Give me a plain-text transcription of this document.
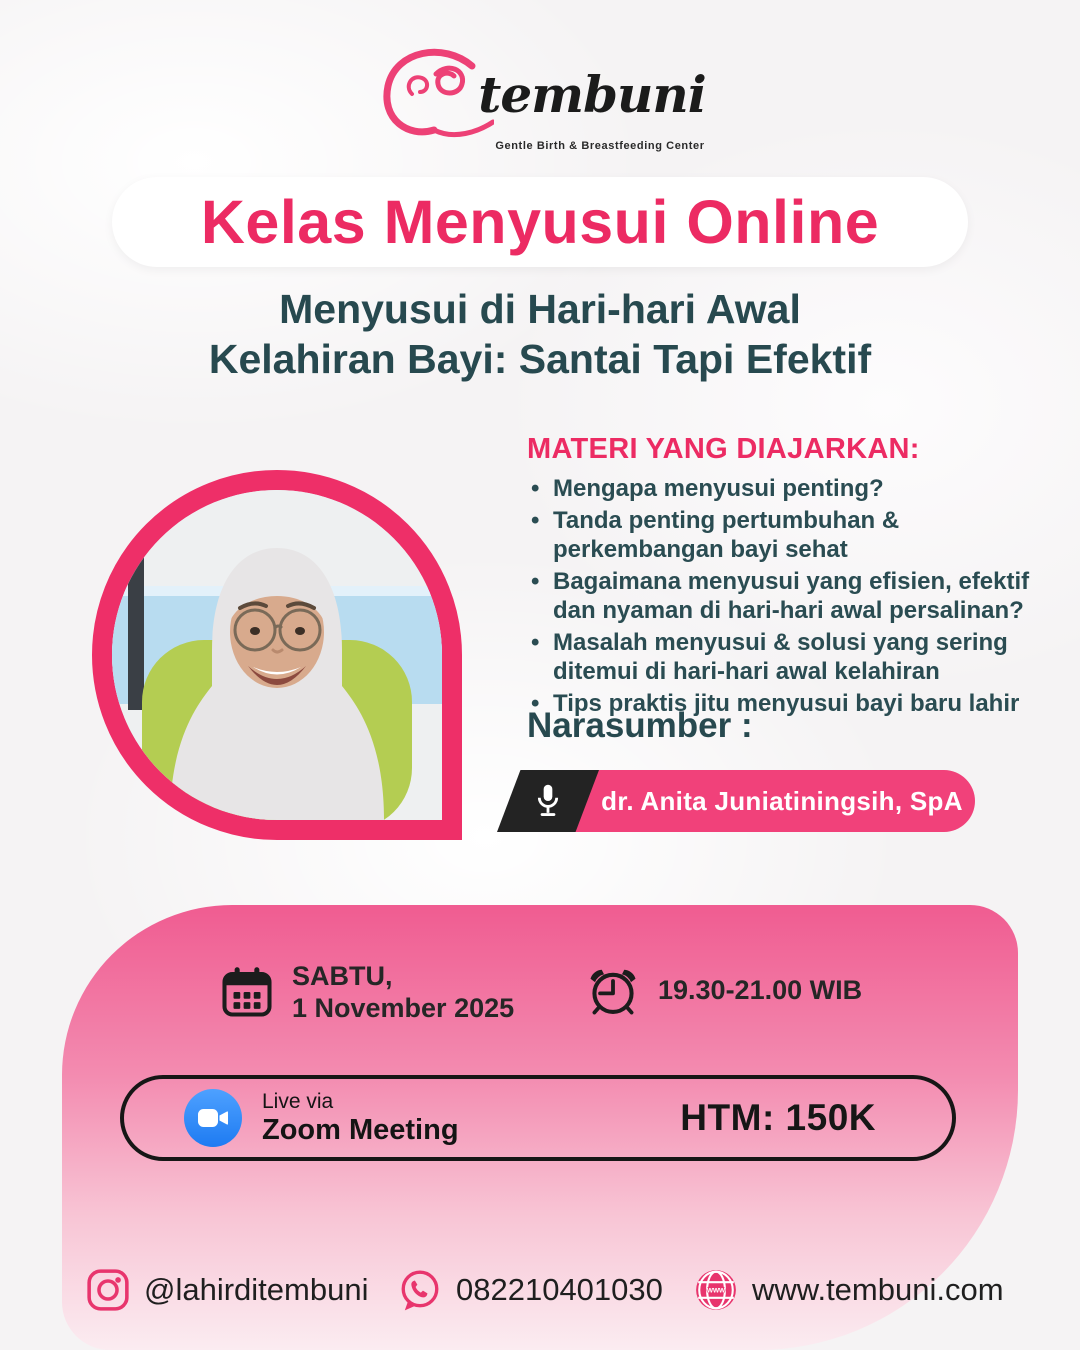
tembuni
Gentle Birth & Breastfeeding Center
Kelas Menyusui Online
Menyusui di Hari-hari Awal
Kelahiran Bayi: Santai Tapi Efektif
MATERI YANG DIAJARKAN:
• Mengapa menyusui penting?
• Tanda penting pertumbuhan & perkembangan bayi sehat
• Bagaimana menyusui yang efisien, efektif dan nyaman di hari-hari awal persalinan?
• Masalah menyusui & solusi yang sering ditemui di hari-hari awal kelahiran
• Tips praktis jitu menyusui bayi baru lahir
Narasumber :
dr. Anita Juniatiningsih, SpA
SABTU,
1 November 2025
19.30-21.00 WIB
Live via
Zoom Meeting	HTM: 150K
@lahirditembuni	082210401030	www www.tembuni.com
